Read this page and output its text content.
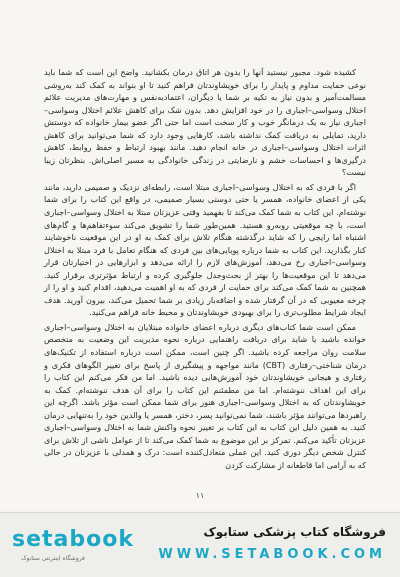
کشیده شود. مجبور نیستید آنها را بدون هر اتاق درمان بکشانید. واضح این است که شما باید نوعی حمایت مداوم و پایدار را برای خویشاوندتان فراهم کنید تا او بتواند به کمک کند به‌روشی مسالمت‌آمیز و بدون نیاز به تکیه بر شما یا دیگران، اعتمادبه‌نفس و مهارت‌های مدیریت علائم اختلال وسواسی–اجباری را در خود افزایش دهد. بدون شک برای کاهش علائم اختلال وسواسی–اجباری نیاز به یک درمانگر خوب و کار سخت است اما حتی اگر عضو بیمار خانواده که دوستش دارید، تمایلی به دریافت کمک نداشته باشد، کارهایی وجود دارد که شما می‌توانید برای کاهش اثرات اختلال وسواسی–اجباری در خانه انجام دهید. مانند بهبود ارتباط و حفظ روابط، کاهش درگیری‌ها و احساسات خشم و نارضایتی در زندگی خانوادگی به مسیر اصلی‌اش. بنظرتان زیبا نیست؟

اگر با فردی که به اختلال وسواسی–اجباری مبتلا است، رابطه‌ای نزدیک و صمیمی دارید، مانند یکی از اعضای خانواده، همسر یا حتی دوستی بسیار صمیمی، در واقع این کتاب را برای شما نوشته‌ام. این کتاب به شما کمک می‌کند تا بفهمید وقتی عزیزتان مبتلا به اختلال وسواسی–اجباری است، با چه موقعیتی روبه‌رو هستید. همین‌طور شما را تشویق می‌کند سوءتفاهم‌ها و گام‌های اشتباه اما رایجی را که شاید درگذشته هنگام تلاش برای کمک به او در این موقعیت ناخوشایند کنار بگذارید. این کتاب به شما درباره پویایی‌های بین فردی که هنگام تعامل با فرد مبتلا به اختلال وسواسی–اجباری رخ می‌دهد، آموزش‌های لازم را ارائه می‌دهد و ابزارهایی در اختیارتان قرار می‌دهد تا این موقعیت‌ها را بهتر از بحث‌وجدل جلوگیری کرده و ارتباط مؤثرتری برقرار کنید. همچنین به شما کمک می‌کند برای حمایت از فردی که به او اهمیت می‌دهید، اقدام کنید و او را از چرخه معیوبی که در آن گرفتار شده و اضافه‌بار زیادی بر شما تحمیل می‌کند، بیرون آورید. هدف ایجاد شرایط مطلوب‌تری را برای بهبودی خویشاوندتان و محیط خانه فراهم می‌کنید.

ممکن است شما کتاب‌های دیگری درباره اعضای خانواده مبتلایان به اختلال وسواسی–اجباری خوانده باشید یا شاید برای دریافت راهنمایی درباره نحوه مدیریت این وضعیت به متخصص سلامت روان مراجعه کرده باشید. اگر چنین است، ممکن است درباره استفاده از تکنیک‌های درمان شناختی–رفتاری (CBT) مانند مواجهه و پیشگیری از پاسخ برای تغییر الگوهای فکری و رفتاری و هیجانی خویشاوندتان خود آموزش‌هایی دیده باشید. اما من فکر می‌کنم این کتاب را برای این اهداف ننوشته‌ام. اما من مطمئنم این کتاب را برای آن هدف ننوشته‌ام. کمک به خویشاوندتان که به اختلال وسواسی–اجباری هنوز برای شما ممکن است مؤثر باشد. اگرچه این راهبردها می‌توانند مؤثر باشند، شما نمی‌توانید پسر، دختر، همسر یا والدین خود را به‌تنهایی درمان کنید. به همین دلیل این کتاب به این کتاب بر تغییر نحوه واکنش شما به اختلال وسواسی–اجباری عزیزتان تأکید می‌کنم. تمرکز بر این موضوع به شما کمک می‌کند تا از عوامل ناشی از تلاش برای کنترل شخص دیگر دوری کنید. این عملی متعادل‌کننده است: درک و همدلی با عزیزتان در حالی که به آرامی اما قاطعانه از مشارکت کردن

۱۱
setabook
فروشگاه اینترنتی ستابوک
فروشگاه کتاب پزشکی ستابوک
WWW.SETABOOK.COM
